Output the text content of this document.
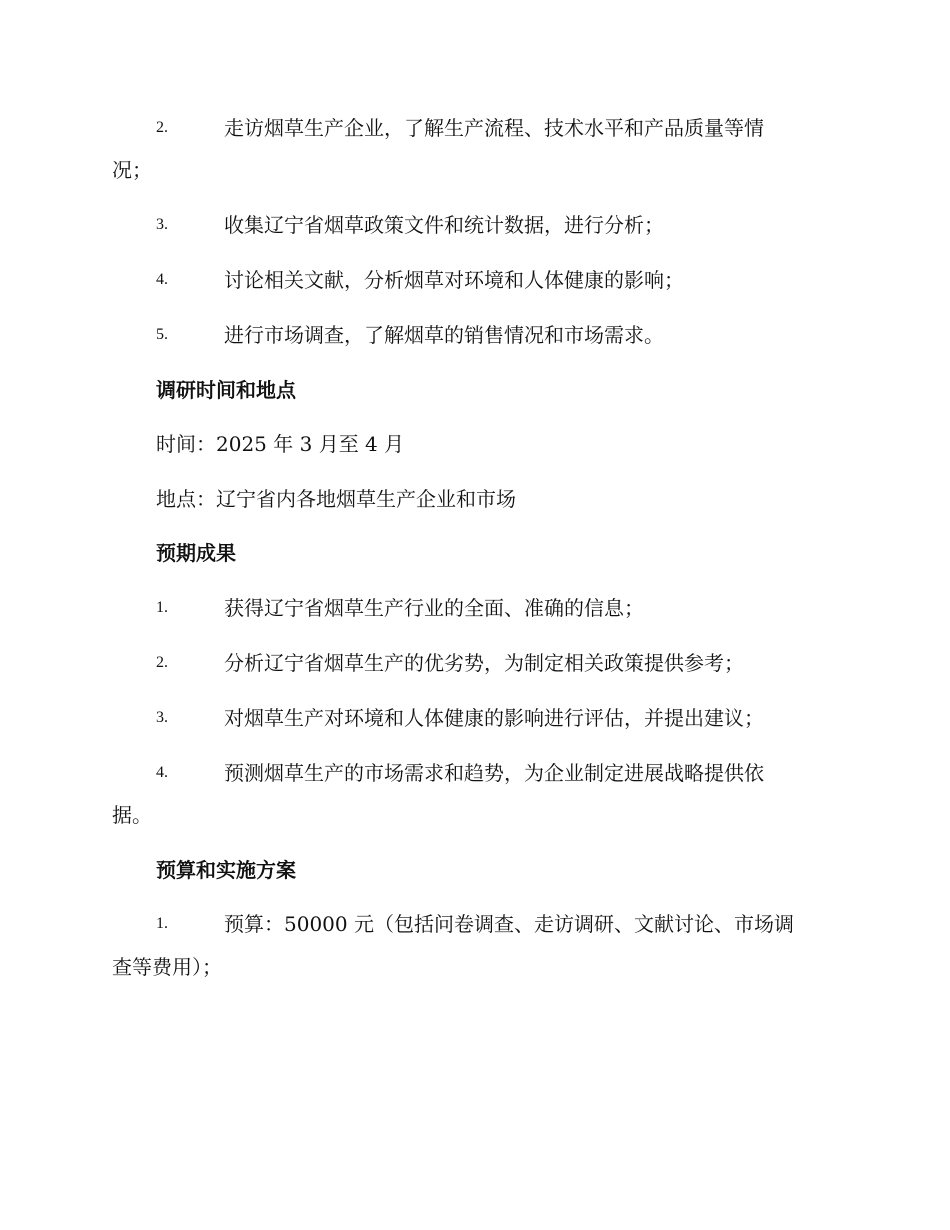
2.	走访烟草生产企业，了解生产流程、技术水平和产品质量等情
况；
3.	收集辽宁省烟草政策文件和统计数据，进行分析；
4.	讨论相关文献，分析烟草对环境和人体健康的影响；
5.	进行市场调查，了解烟草的销售情况和市场需求。
调研时间和地点
时间：2025 年 3 月至 4 月
地点：辽宁省内各地烟草生产企业和市场
预期成果
1.	获得辽宁省烟草生产行业的全面、准确的信息；
2.	分析辽宁省烟草生产的优劣势，为制定相关政策提供参考；
3.	对烟草生产对环境和人体健康的影响进行评估，并提出建议；
4.	预测烟草生产的市场需求和趋势，为企业制定进展战略提供依
据。
预算和实施方案
1.	预算：50000 元（包括问卷调查、走访调研、文献讨论、市场调
查等费用）；
